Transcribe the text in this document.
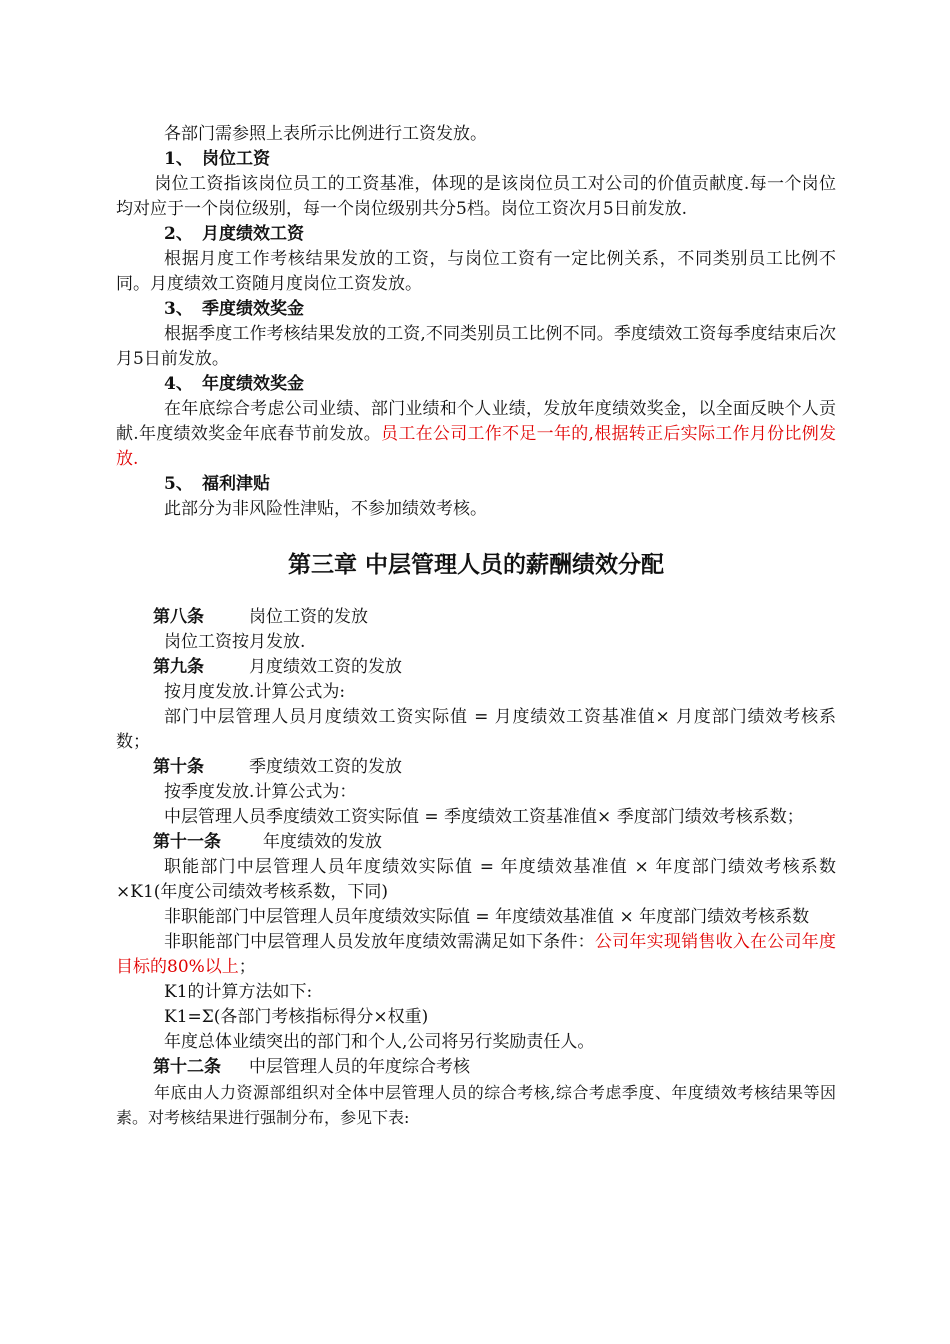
各部门需参照上表所示比例进行工资发放。

1、 岗位工资

岗位工资指该岗位员工的工资基准，体现的是该岗位员工对公司的价值贡献度.每一个岗位均对应于一个岗位级别，每一个岗位级别共分5档。岗位工资次月5日前发放.

2、 月度绩效工资

根据月度工作考核结果发放的工资，与岗位工资有一定比例关系，不同类别员工比例不同。月度绩效工资随月度岗位工资发放。

3、 季度绩效奖金

根据季度工作考核结果发放的工资,不同类别员工比例不同。季度绩效工资每季度结束后次月5日前发放。

4、 年度绩效奖金

在年底综合考虑公司业绩、部门业绩和个人业绩，发放年度绩效奖金，以全面反映个人贡献.年度绩效奖金年底春节前发放。员工在公司工作不足一年的,根据转正后实际工作月份比例发放.

5、 福利津贴

此部分为非风险性津贴，不参加绩效考核。

第三章 中层管理人员的薪酬绩效分配

第八条	岗位工资的发放

岗位工资按月发放.

第九条	月度绩效工资的发放

按月度发放.计算公式为:

部门中层管理人员月度绩效工资实际值 = 月度绩效工资基准值× 月度部门绩效考核系数；

第十条	季度绩效工资的发放

按季度发放.计算公式为：

中层管理人员季度绩效工资实际值 = 季度绩效工资基准值× 季度部门绩效考核系数；

第十一条 年度绩效的发放

职能部门中层管理人员年度绩效实际值 = 年度绩效基准值 × 年度部门绩效考核系数×K1(年度公司绩效考核系数，下同)

非职能部门中层管理人员年度绩效实际值 = 年度绩效基准值 × 年度部门绩效考核系数

非职能部门中层管理人员发放年度绩效需满足如下条件：公司年实现销售收入在公司年度目标的80%以上；

K1的计算方法如下:

K1=Σ(各部门考核指标得分×权重)

年度总体业绩突出的部门和个人,公司将另行奖励责任人。

第十二条 中层管理人员的年度综合考核

年底由人力资源部组织对全体中层管理人员的综合考核,综合考虑季度、年度绩效考核结果等因素。对考核结果进行强制分布，参见下表:
